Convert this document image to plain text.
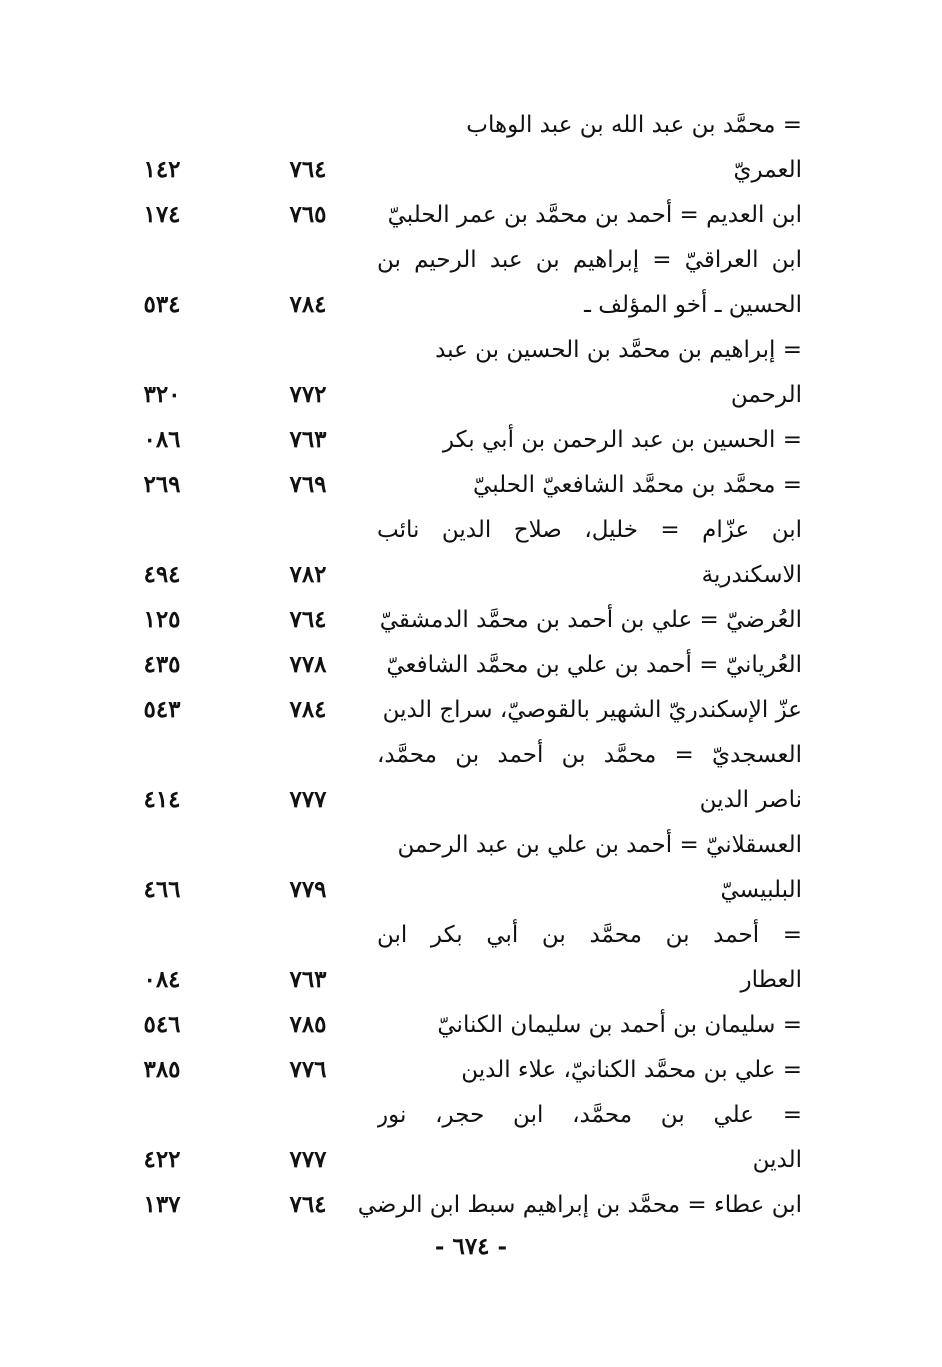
= محمَّد بن عبد الله بن عبد الوهاب
العمريّ
٧٦٤
١٤٢
ابن العديم = أحمد بن محمَّد بن عمر الحلبيّ
٧٦٥
١٧٤
ابن العراقيّ = إبراهيم بن عبد الرحيم بن
الحسين ـ أخو المؤلف ـ
٧٨٤
٥٣٤
= إبراهيم بن محمَّد بن الحسين بن عبد
الرحمن
٧٧٢
٣٢٠
= الحسين بن عبد الرحمن بن أبي بكر
٧٦٣
٠٨٦
= محمَّد بن محمَّد الشافعيّ الحلبيّ
٧٦٩
٢٦٩
ابن عزّام = خليل، صلاح الدين نائب
الاسكندرية
٧٨٢
٤٩٤
العُرضيّ = علي بن أحمد بن محمَّد الدمشقيّ
٧٦٤
١٢٥
العُريانيّ = أحمد بن علي بن محمَّد الشافعيّ
٧٧٨
٤٣٥
عزّ الإسكندريّ الشهير بالقوصيّ، سراج الدين
٧٨٤
٥٤٣
العسجديّ = محمَّد بن أحمد بن محمَّد،
ناصر الدين
٧٧٧
٤١٤
العسقلانيّ = أحمد بن علي بن عبد الرحمن
البلبيسيّ
٧٧٩
٤٦٦
= أحمد بن محمَّد بن أبي بكر ابن
العطار
٧٦٣
٠٨٤
= سليمان بن أحمد بن سليمان الكنانيّ
٧٨٥
٥٤٦
= علي بن محمَّد الكنانيّ، علاء الدين
٧٧٦
٣٨٥
= علي بن محمَّد، ابن حجر، نور
الدين
٧٧٧
٤٢٢
ابن عطاء = محمَّد بن إبراهيم سبط ابن الرضي
٧٦٤
١٣٧
- ٦٧٤ -
